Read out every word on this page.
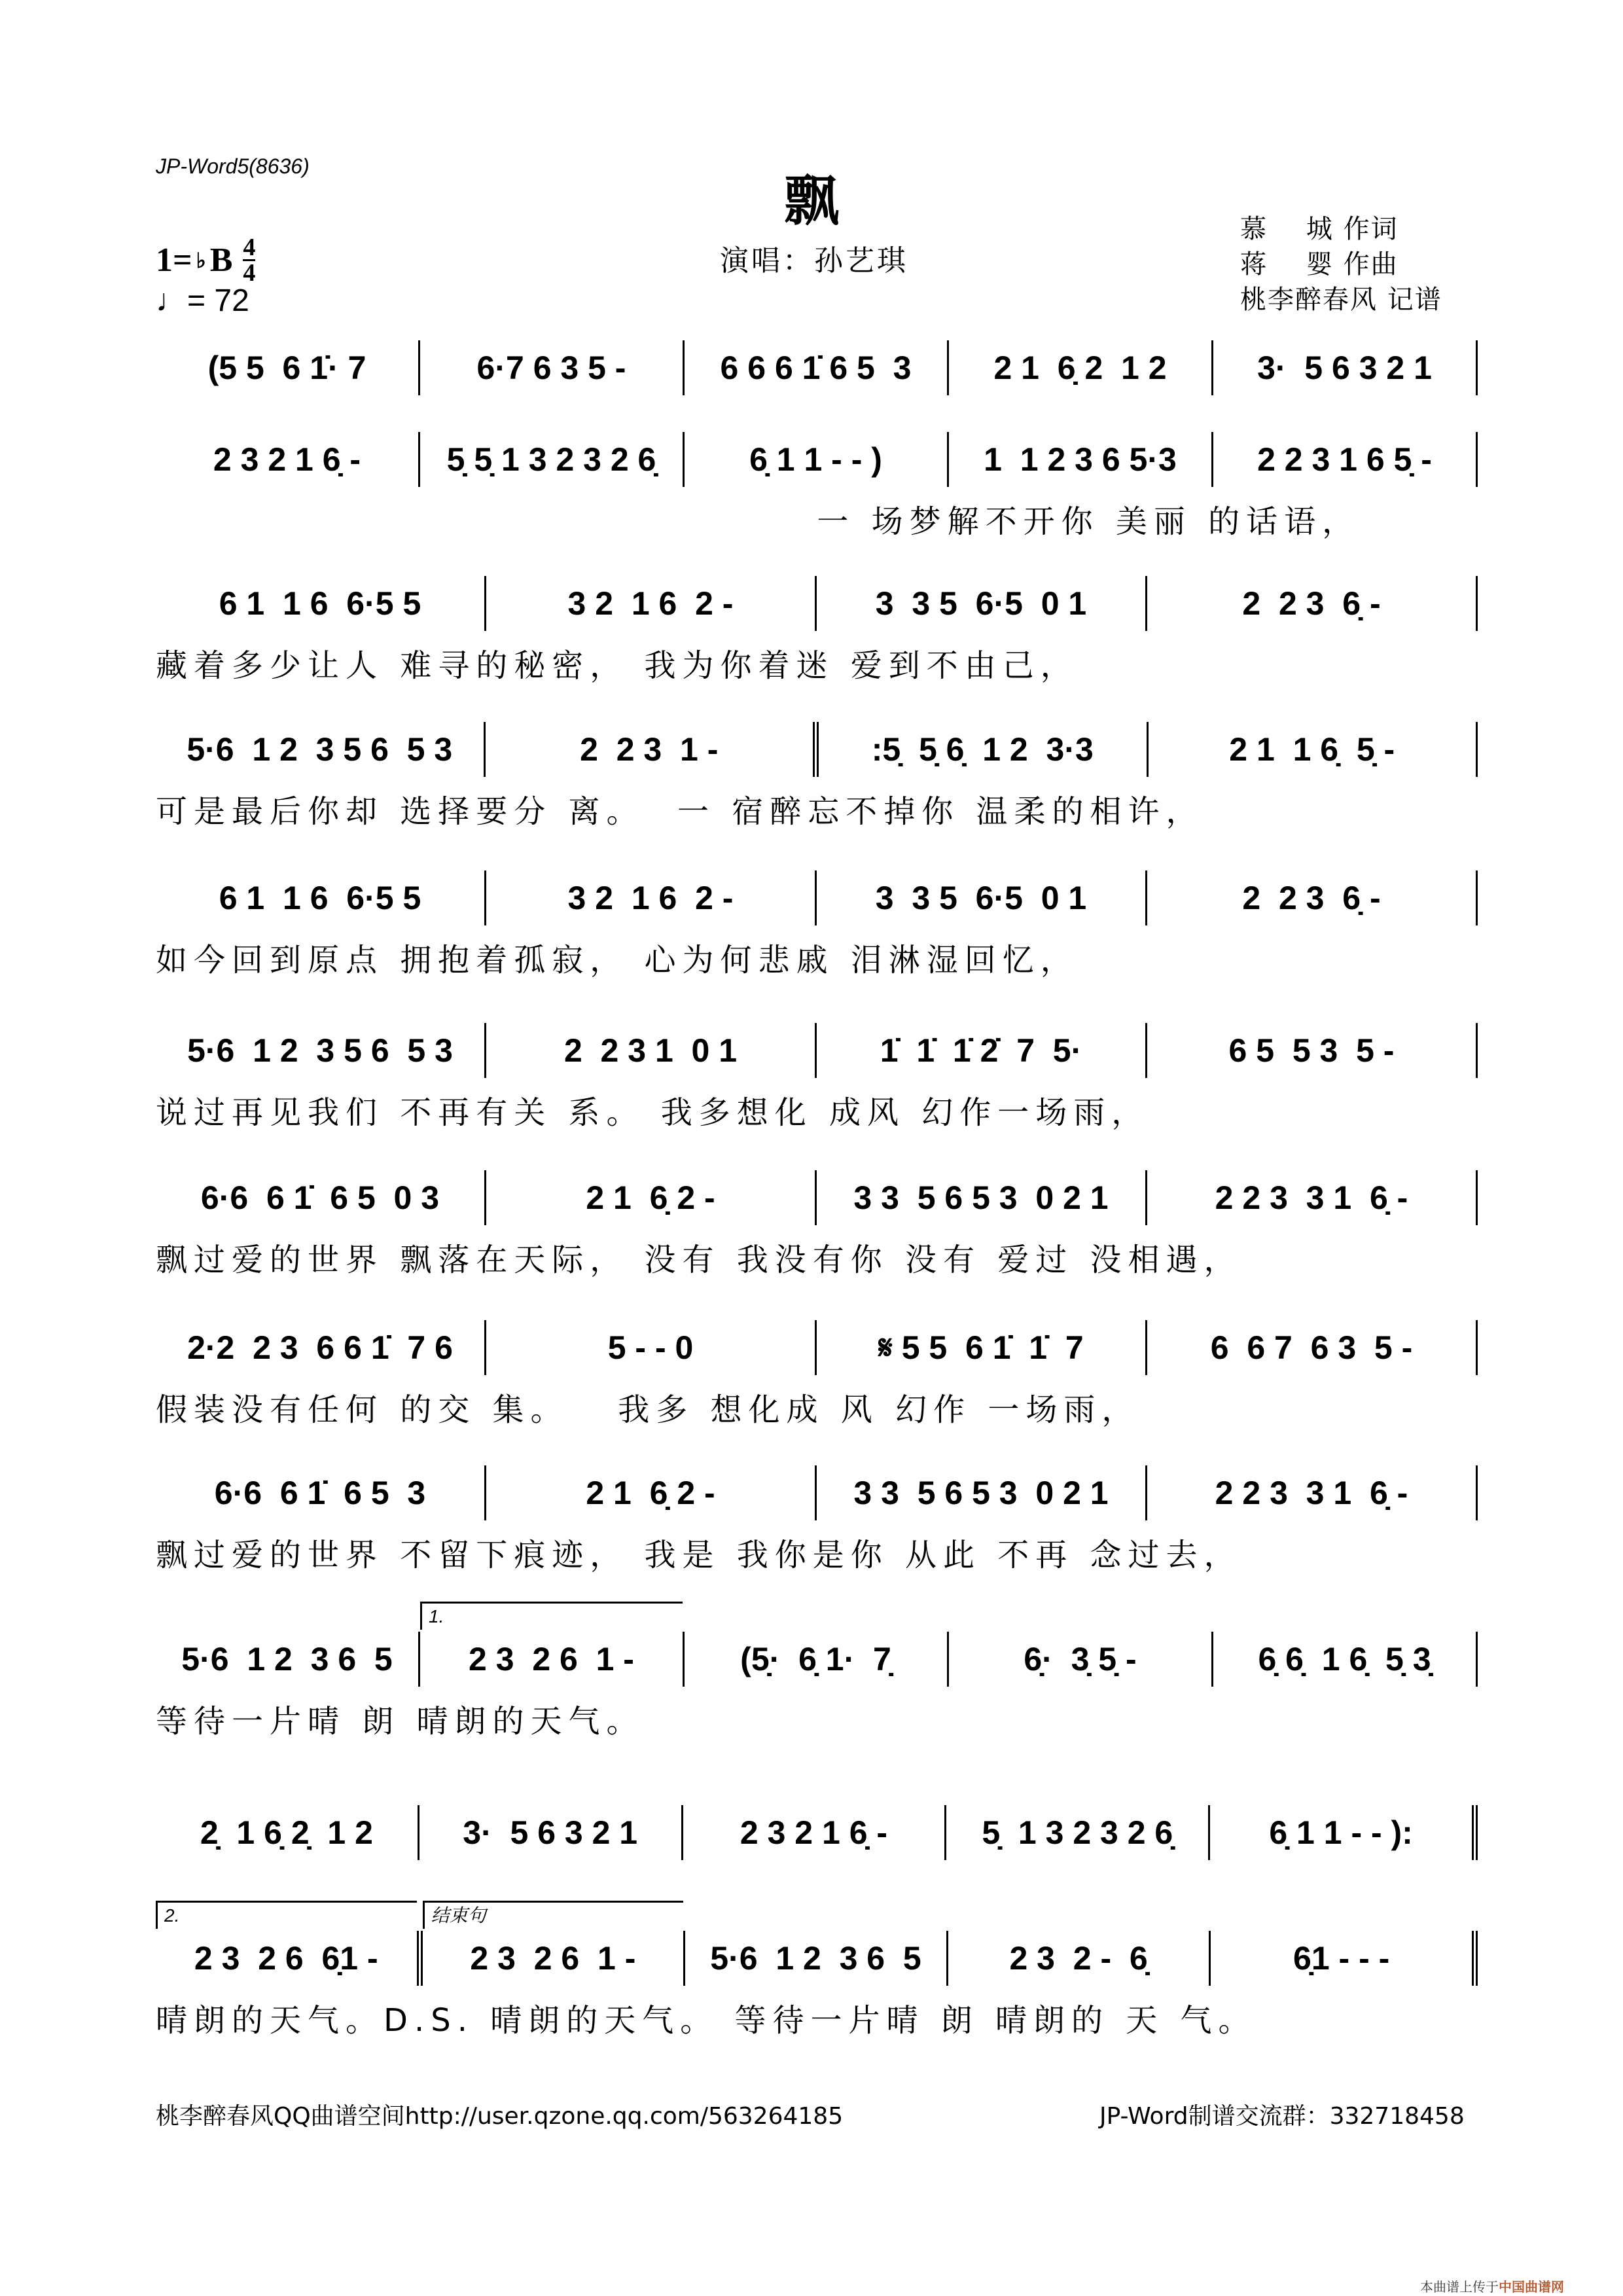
JP-Word5(8636)
飘
演唱：孙艺琪
1= ♭ B $\frac{4}{4}$
♩= 72
慕    城 作词
蒋    婴 作曲
桃李醉春风 记谱
(5 5  6 1̇· 7	6·7 6 3 5 -	6 6 6 1̇ 6 5  3	2 1  6̣ 2  1 2	3·  5 6 3 2 1
2 3 2 1 6̣ -	5̣ 5̣ 1 3 2 3 2 6̣	6̣ 1 1 - - )	1  1 2 3 6 5·3 2 2 3 1 6 5̣ -
一 场梦解不开你 美丽 的话语，
6 1  1 6  6·5 5	3 2  1 6  2 -	3  3 5  6·5  0 1	2  2 3  6̣ -
藏着多少让人 难寻的秘密， 我为你着迷 爱到不由己，
5·6  1 2  3 5 6  5 3	2  2 3  1 -	:5̣  5̣ 6̣  1 2  3·3	2 1  1 6̣  5̣ -
可是最后你却 选择要分 离。  一 宿醉忘不掉你 温柔的相许，
6 1  1 6  6·5 5	3 2  1 6  2 -	3  3 5  6·5  0 1	2  2 3  6̣ -
如今回到原点 拥抱着孤寂， 心为何悲戚 泪淋湿回忆，
5·6  1 2  3 5 6  5 3	2  2 3 1  0 1	1̇  1̇  1̇ 2̇  7  5·	6 5  5 3  5 -
说过再见我们 不再有关 系。 我多想化 成风 幻作一场雨，
6·6  6 1̇  6 5  0 3	2 1  6̣ 2 -	3 3  5 6 5 3  0 2 1	2 2 3  3 1  6̣ -
飘过爱的世界 飘落在天际， 没有 我没有你 没有 爱过 没相遇，
2·2  2 3  6 6 1̇  7 6	5 - - 0	𝄋 5 5  6 1̇  1̇  7	6  6 7  6 3  5 -
假装没有任何 的交 集。   我多 想化成 风 幻作 一场雨，
6·6  6 1̇  6 5  3	2 1  6̣ 2 -	3 3  5 6 5 3  0 2 1	2 2 3  3 1  6̣ -
飘过爱的世界 不留下痕迹， 我是 我你是你 从此 不再 念过去，
5·6  1 2  3 6  5
1.
2 3  2 6  1 -	(5̣·  6̣ 1·  7̣	6̣·  3̣ 5̣ -	6̣ 6̣  1 6̣  5̣ 3̣
等待一片晴 朗 晴朗的天气。
2̣  1 6̣ 2̣  1 2	3·  5 6 3 2 1	2 3 2 1 6̣ -	5̣  1 3 2 3 2 6̣	6̣ 1 1 - - ):
2.
2 3  2 6  6̣1 -
结束句
2 3  2 6  1 - 5·6  1 2  3 6  5	2 3  2 -  6̣	6̣1 - - -
晴朗的天气。D.S. 晴朗的天气。 等待一片晴 朗 晴朗的 天 气。
桃李醉春风QQ曲谱空间http://user.qzone.qq.com/563264185	JP-Word制谱交流群：332718458
本曲谱上传于中国曲谱网
